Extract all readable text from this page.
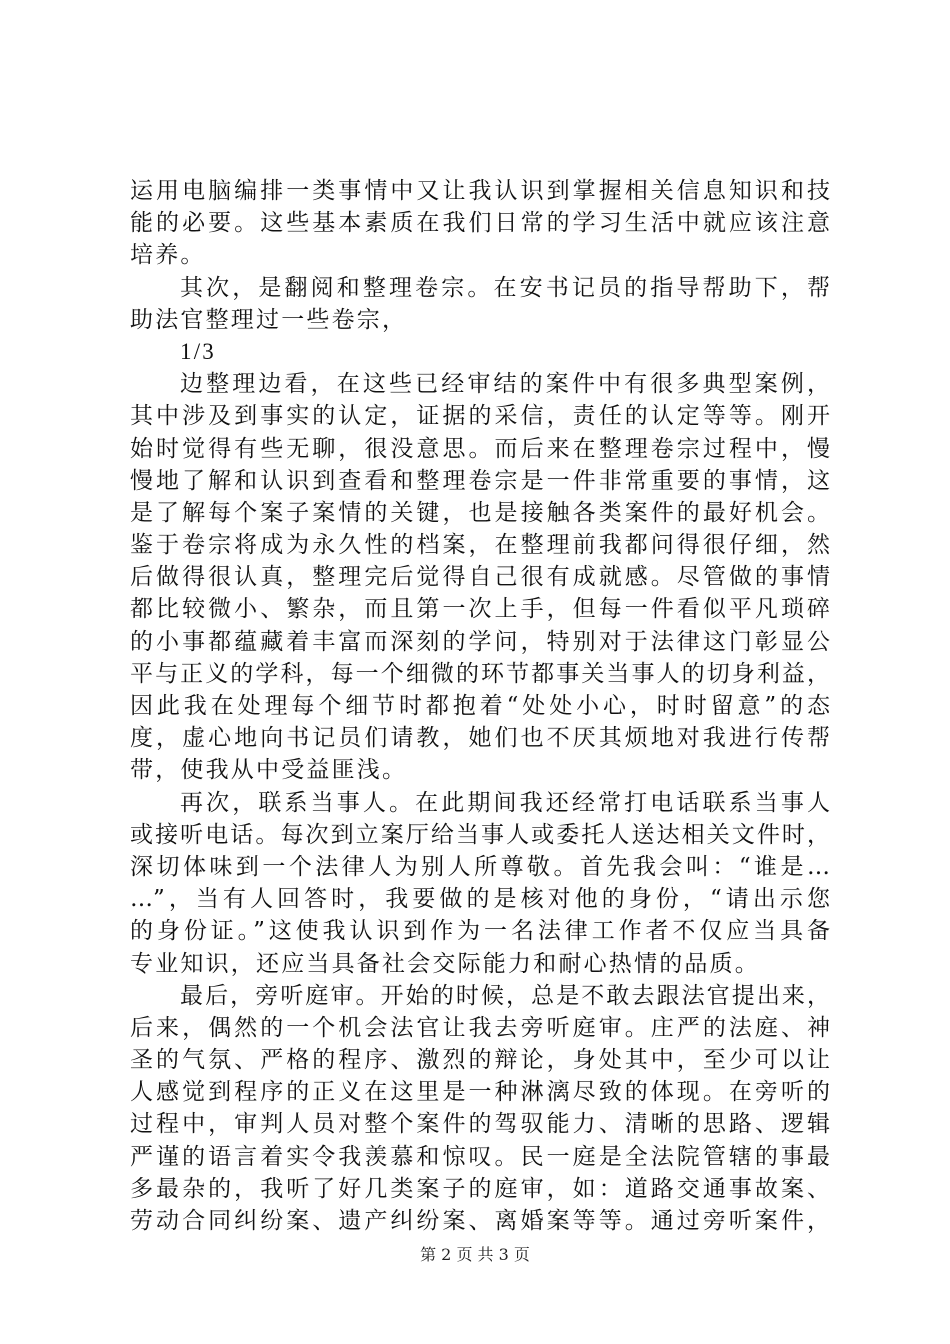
运用电脑编排一类事情中又让我认识到掌握相关信息知识和技
能的必要。这些基本素质在我们日常的学习生活中就应该注意
培养。
其次，是翻阅和整理卷宗。在安书记员的指导帮助下，帮
助法官整理过一些卷宗，
1/3
边整理边看，在这些已经审结的案件中有很多典型案例，
其中涉及到事实的认定，证据的采信，责任的认定等等。刚开
始时觉得有些无聊，很没意思。而后来在整理卷宗过程中，慢
慢地了解和认识到查看和整理卷宗是一件非常重要的事情，这
是了解每个案子案情的关键，也是接触各类案件的最好机会。
鉴于卷宗将成为永久性的档案，在整理前我都问得很仔细，然
后做得很认真，整理完后觉得自己很有成就感。尽管做的事情
都比较微小、繁杂，而且第一次上手，但每一件看似平凡琐碎
的小事都蕴藏着丰富而深刻的学问，特别对于法律这门彰显公
平与正义的学科，每一个细微的环节都事关当事人的切身利益，
因此我在处理每个细节时都抱着“处处小心，时时留意”的态
度，虚心地向书记员们请教，她们也不厌其烦地对我进行传帮
带，使我从中受益匪浅。
再次，联系当事人。在此期间我还经常打电话联系当事人
或接听电话。每次到立案厅给当事人或委托人送达相关文件时，
深切体味到一个法律人为别人所尊敬。首先我会叫：“谁是…
…”，当有人回答时，我要做的是核对他的身份，“请出示您
的身份证。”这使我认识到作为一名法律工作者不仅应当具备
专业知识，还应当具备社会交际能力和耐心热情的品质。
最后，旁听庭审。开始的时候，总是不敢去跟法官提出来，
后来，偶然的一个机会法官让我去旁听庭审。庄严的法庭、神
圣的气氛、严格的程序、激烈的辩论，身处其中，至少可以让
人感觉到程序的正义在这里是一种淋漓尽致的体现。在旁听的
过程中，审判人员对整个案件的驾驭能力、清晰的思路、逻辑
严谨的语言着实令我羡慕和惊叹。民一庭是全法院管辖的事最
多最杂的，我听了好几类案子的庭审，如：道路交通事故案、
劳动合同纠纷案、遗产纠纷案、离婚案等等。通过旁听案件，
第 2 页 共 3 页
